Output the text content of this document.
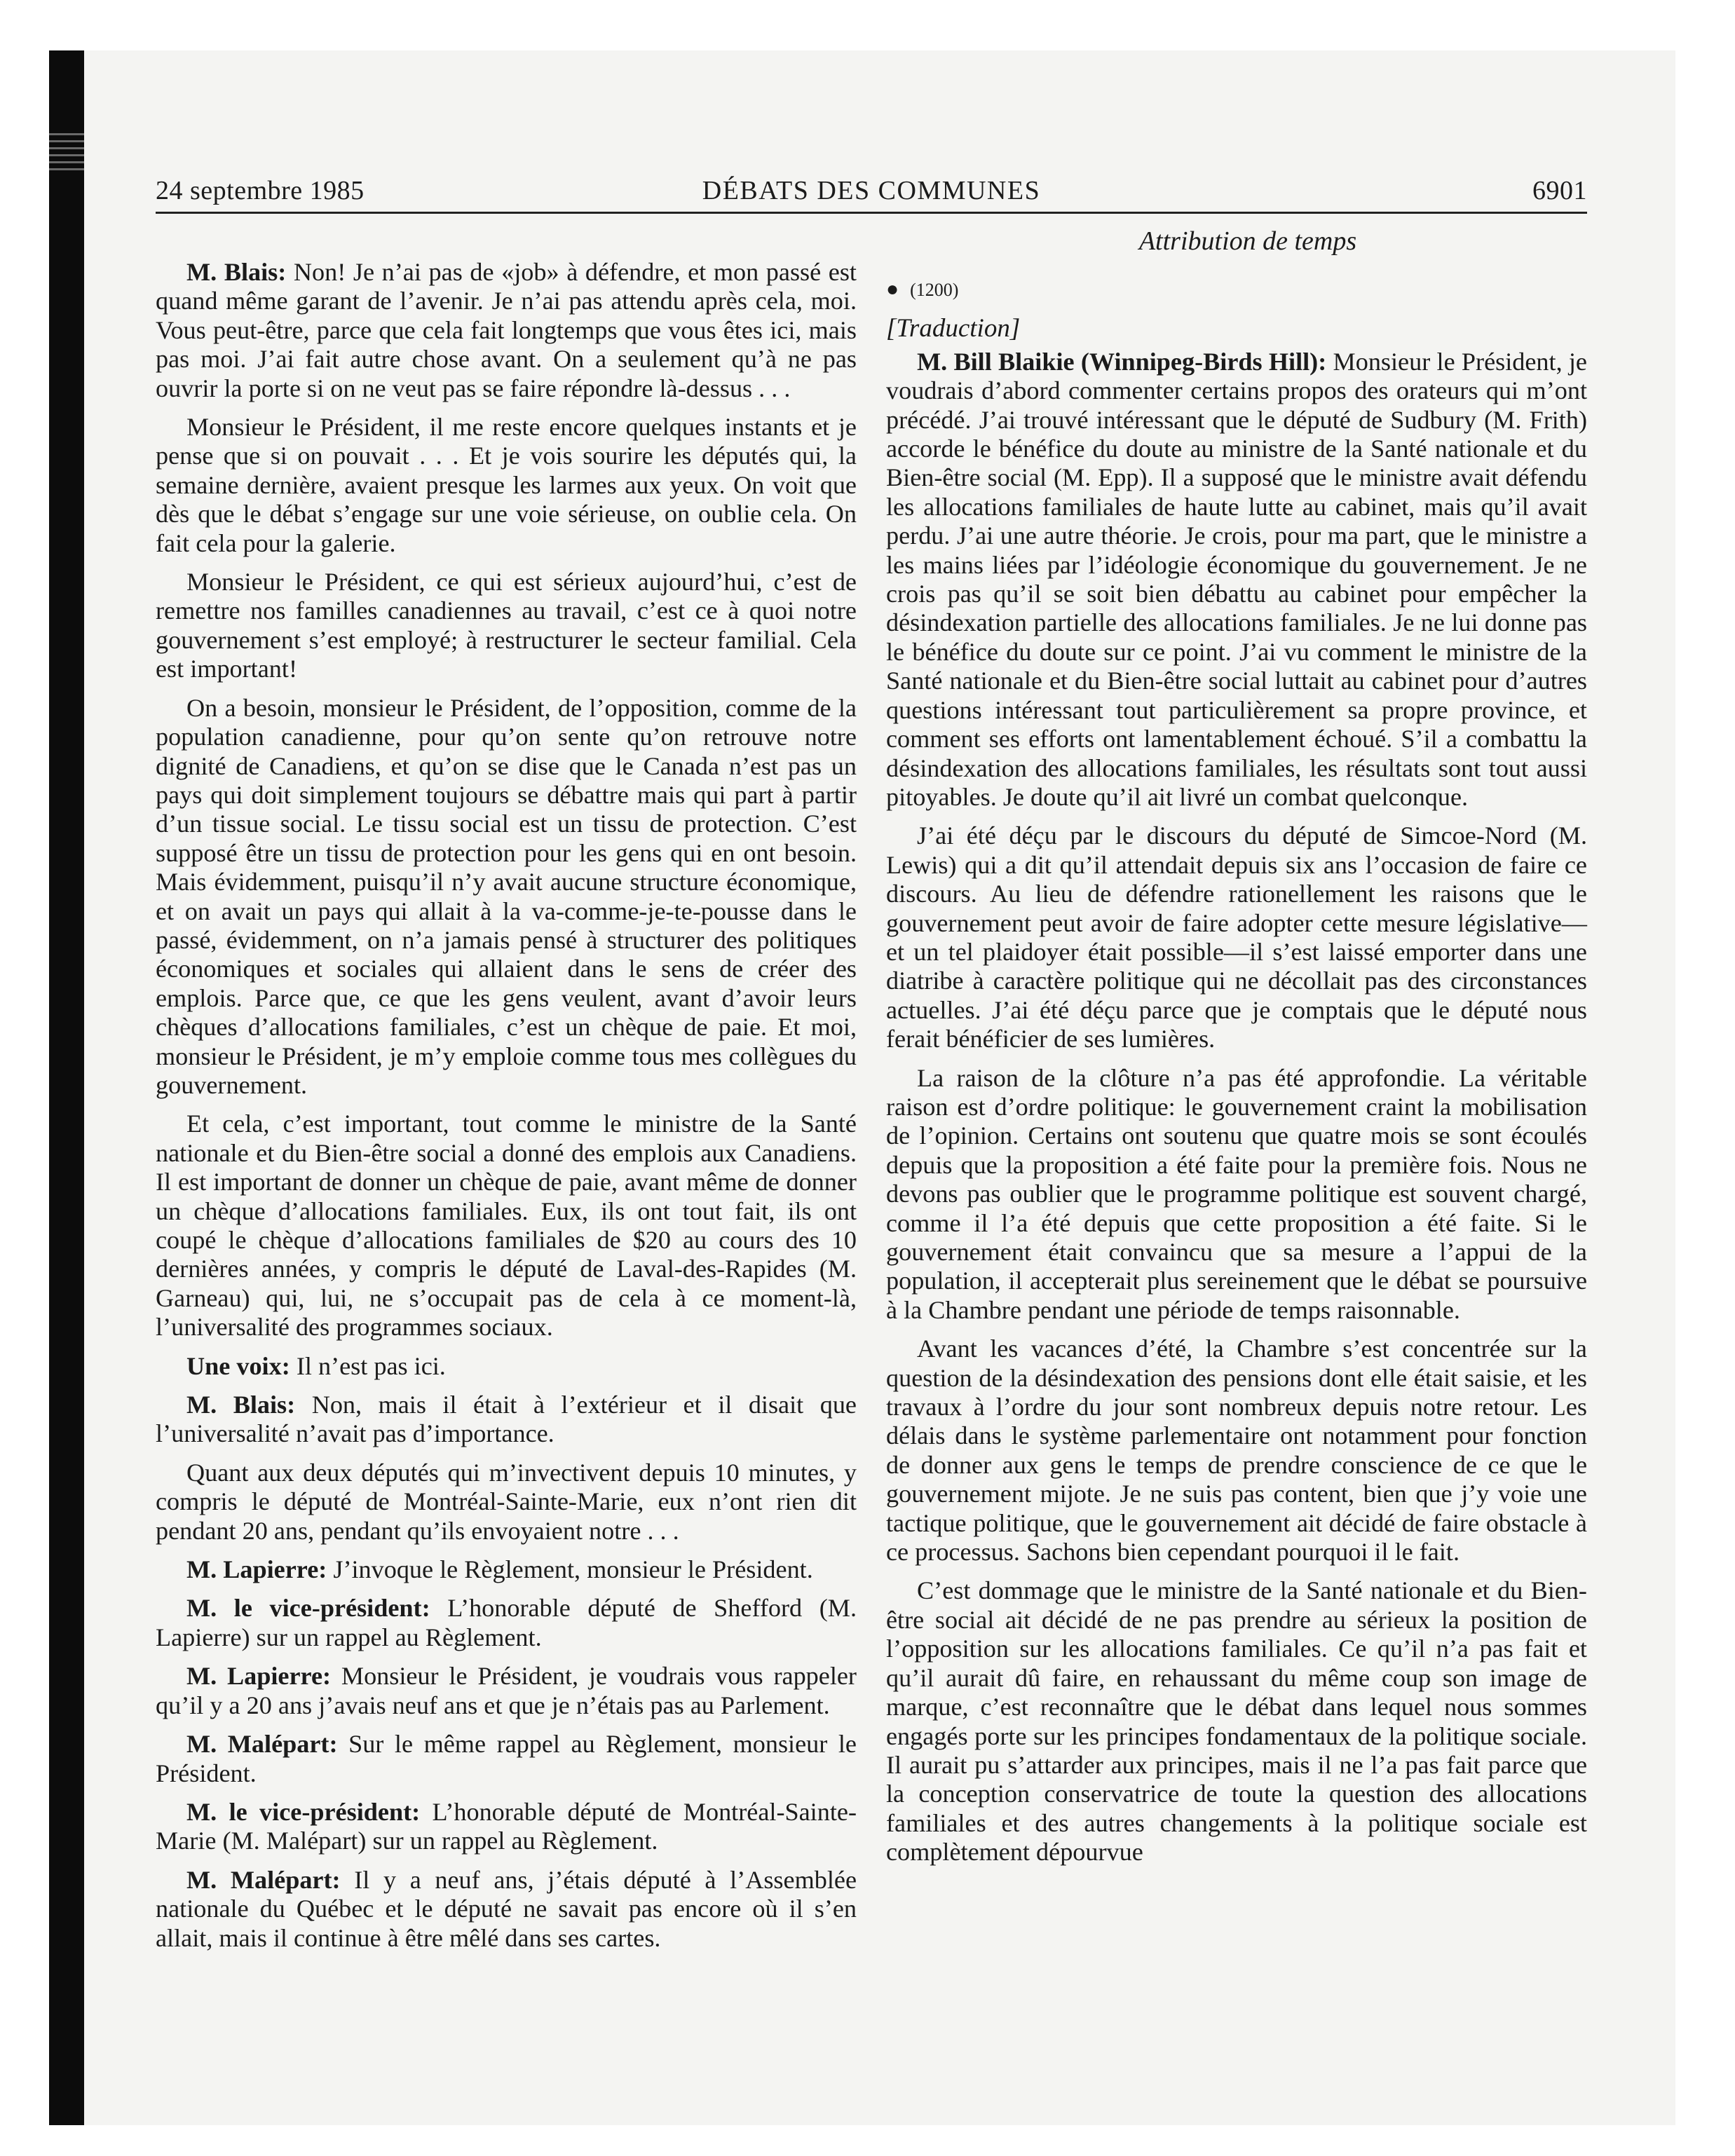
24 septembre 1985	DÉBATS DES COMMUNES	6901
Attribution de temps

M. Blais: Non! Je n’ai pas de «job» à défendre, et mon passé est quand même garant de l’avenir. Je n’ai pas attendu après cela, moi. Vous peut-être, parce que cela fait longtemps que vous êtes ici, mais pas moi. J’ai fait autre chose avant. On a seulement qu’à ne pas ouvrir la porte si on ne veut pas se faire répondre là-dessus . . .

Monsieur le Président, il me reste encore quelques instants et je pense que si on pouvait . . . Et je vois sourire les députés qui, la semaine dernière, avaient presque les larmes aux yeux. On voit que dès que le débat s’engage sur une voie sérieuse, on oublie cela. On fait cela pour la galerie.

Monsieur le Président, ce qui est sérieux aujourd’hui, c’est de remettre nos familles canadiennes au travail, c’est ce à quoi notre gouvernement s’est employé; à restructurer le secteur familial. Cela est important!

On a besoin, monsieur le Président, de l’opposition, comme de la population canadienne, pour qu’on sente qu’on retrouve notre dignité de Canadiens, et qu’on se dise que le Canada n’est pas un pays qui doit simplement toujours se débattre mais qui part à partir d’un tissue social. Le tissu social est un tissu de protection. C’est supposé être un tissu de protection pour les gens qui en ont besoin. Mais évidemment, puisqu’il n’y avait aucune structure économique, et on avait un pays qui allait à la va-comme-je-te-pousse dans le passé, évidemment, on n’a jamais pensé à structurer des politiques économiques et sociales qui allaient dans le sens de créer des emplois. Parce que, ce que les gens veulent, avant d’avoir leurs chèques d’allocations familiales, c’est un chèque de paie. Et moi, monsieur le Président, je m’y emploie comme tous mes collègues du gouvernement.

Et cela, c’est important, tout comme le ministre de la Santé nationale et du Bien-être social a donné des emplois aux Canadiens. Il est important de donner un chèque de paie, avant même de donner un chèque d’allocations familiales. Eux, ils ont tout fait, ils ont coupé le chèque d’allocations familiales de $20 au cours des 10 dernières années, y compris le député de Laval-des-Rapides (M. Garneau) qui, lui, ne s’occupait pas de cela à ce moment-là, l’universalité des programmes sociaux.

Une voix: Il n’est pas ici.

M. Blais: Non, mais il était à l’extérieur et il disait que l’universalité n’avait pas d’importance.

Quant aux deux députés qui m’invectivent depuis 10 minutes, y compris le député de Montréal-Sainte-Marie, eux n’ont rien dit pendant 20 ans, pendant qu’ils envoyaient notre . . .

M. Lapierre: J’invoque le Règlement, monsieur le Président.

M. le vice-président: L’honorable député de Shefford (M. Lapierre) sur un rappel au Règlement.

M. Lapierre: Monsieur le Président, je voudrais vous rappeler qu’il y a 20 ans j’avais neuf ans et que je n’étais pas au Parlement.

M. Malépart: Sur le même rappel au Règlement, monsieur le Président.

M. le vice-président: L’honorable député de Montréal-Sainte-Marie (M. Malépart) sur un rappel au Règlement.

M. Malépart: Il y a neuf ans, j’étais député à l’Assemblée nationale du Québec et le député ne savait pas encore où il s’en allait, mais il continue à être mêlé dans ses cartes.

● (1200)

[Traduction]

M. Bill Blaikie (Winnipeg-Birds Hill): Monsieur le Président, je voudrais d’abord commenter certains propos des orateurs qui m’ont précédé. J’ai trouvé intéressant que le député de Sudbury (M. Frith) accorde le bénéfice du doute au ministre de la Santé nationale et du Bien-être social (M. Epp). Il a supposé que le ministre avait défendu les allocations familiales de haute lutte au cabinet, mais qu’il avait perdu. J’ai une autre théorie. Je crois, pour ma part, que le ministre a les mains liées par l’idéologie économique du gouvernement. Je ne crois pas qu’il se soit bien débattu au cabinet pour empêcher la désindexation partielle des allocations familiales. Je ne lui donne pas le bénéfice du doute sur ce point. J’ai vu comment le ministre de la Santé nationale et du Bien-être social luttait au cabinet pour d’autres questions intéressant tout particulièrement sa propre province, et comment ses efforts ont lamentablement échoué. S’il a combattu la désindexation des allocations familiales, les résultats sont tout aussi pitoyables. Je doute qu’il ait livré un combat quelconque.

J’ai été déçu par le discours du député de Simcoe-Nord (M. Lewis) qui a dit qu’il attendait depuis six ans l’occasion de faire ce discours. Au lieu de défendre rationellement les raisons que le gouvernement peut avoir de faire adopter cette mesure législative—et un tel plaidoyer était possible—il s’est laissé emporter dans une diatribe à caractère politique qui ne décollait pas des circonstances actuelles. J’ai été déçu parce que je comptais que le député nous ferait bénéficier de ses lumières.

La raison de la clôture n’a pas été approfondie. La véritable raison est d’ordre politique: le gouvernement craint la mobilisation de l’opinion. Certains ont soutenu que quatre mois se sont écoulés depuis que la proposition a été faite pour la première fois. Nous ne devons pas oublier que le programme politique est souvent chargé, comme il l’a été depuis que cette proposition a été faite. Si le gouvernement était convaincu que sa mesure a l’appui de la population, il accepterait plus sereinement que le débat se poursuive à la Chambre pendant une période de temps raisonnable.

Avant les vacances d’été, la Chambre s’est concentrée sur la question de la désindexation des pensions dont elle était saisie, et les travaux à l’ordre du jour sont nombreux depuis notre retour. Les délais dans le système parlementaire ont notamment pour fonction de donner aux gens le temps de prendre conscience de ce que le gouvernement mijote. Je ne suis pas content, bien que j’y voie une tactique politique, que le gouvernement ait décidé de faire obstacle à ce processus. Sachons bien cependant pourquoi il le fait.

C’est dommage que le ministre de la Santé nationale et du Bien-être social ait décidé de ne pas prendre au sérieux la position de l’opposition sur les allocations familiales. Ce qu’il n’a pas fait et qu’il aurait dû faire, en rehaussant du même coup son image de marque, c’est reconnaître que le débat dans lequel nous sommes engagés porte sur les principes fondamentaux de la politique sociale. Il aurait pu s’attarder aux principes, mais il ne l’a pas fait parce que la conception conservatrice de toute la question des allocations familiales et des autres changements à la politique sociale est complètement dépourvue
